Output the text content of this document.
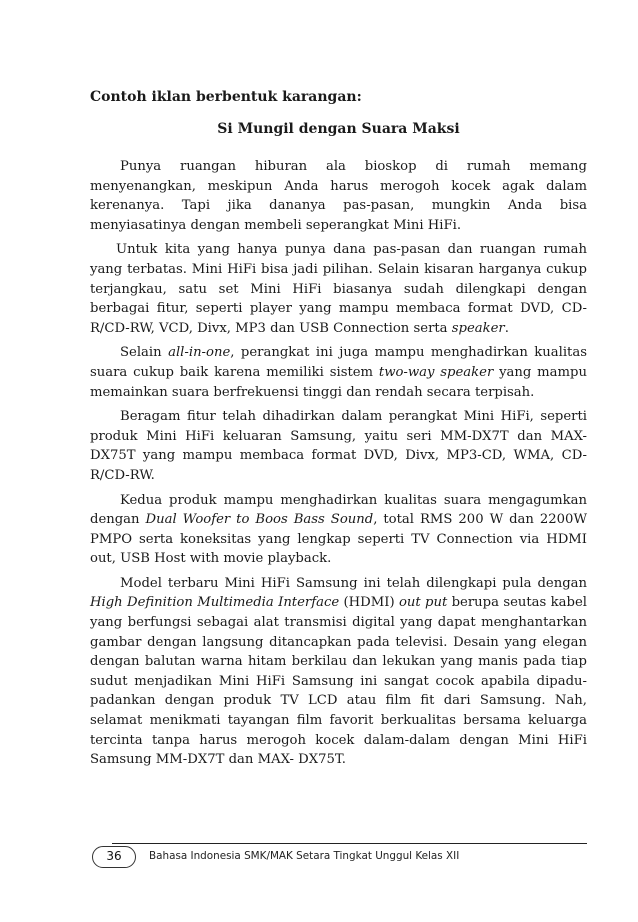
Contoh iklan berbentuk karangan:
Si Mungil dengan Suara Maksi

Punya ruangan hiburan ala bioskop di rumah memang menyenangkan, meskipun Anda harus merogoh kocek agak dalam kerenanya. Tapi jika dananya pas-pasan, mungkin Anda bisa menyiasatinya dengan membeli seperangkat Mini HiFi.

Untuk kita yang hanya punya dana pas-pasan dan ruangan rumah yang terbatas. Mini HiFi bisa jadi pilihan. Selain kisaran harganya cukup terjangkau, satu set Mini HiFi biasanya sudah dilengkapi dengan berbagai fitur, seperti player yang mampu membaca format DVD, CD-R/CD-RW, VCD, Divx, MP3 dan USB Connection serta speaker.

Selain all-in-one, perangkat ini juga mampu menghadirkan kualitas suara cukup baik karena memiliki sistem two-way speaker yang mampu memainkan suara berfrekuensi tinggi dan rendah secara terpisah.

Beragam fitur telah dihadirkan dalam perangkat Mini HiFi, seperti produk Mini HiFi keluaran Samsung, yaitu seri MM-DX7T dan MAX-DX75T yang mampu membaca format DVD, Divx, MP3-CD, WMA, CD-R/CD-RW.

Kedua produk mampu menghadirkan kualitas suara mengagumkan dengan Dual Woofer to Boos Bass Sound, total RMS 200 W dan 2200W PMPO serta koneksitas yang lengkap seperti TV Connection via HDMI out, USB Host with movie playback.

Model terbaru Mini HiFi Samsung ini telah dilengkapi pula dengan High Definition Multimedia Interface (HDMI) out put berupa seutas kabel yang berfungsi sebagai alat transmisi digital yang dapat menghantarkan gambar dengan langsung ditancapkan pada televisi. Desain yang elegan dengan balutan warna hitam berkilau dan lekukan yang manis pada tiap sudut menjadikan Mini HiFi Samsung ini sangat cocok apabila dipadu-padankan dengan produk TV LCD atau film fit dari Samsung. Nah, selamat menikmati tayangan film favorit berkualitas bersama keluarga tercinta tanpa harus merogoh kocek dalam-dalam dengan Mini HiFi Samsung MM-DX7T dan MAX- DX75T.

36	Bahasa Indonesia SMK/MAK Setara Tingkat Unggul Kelas XII
